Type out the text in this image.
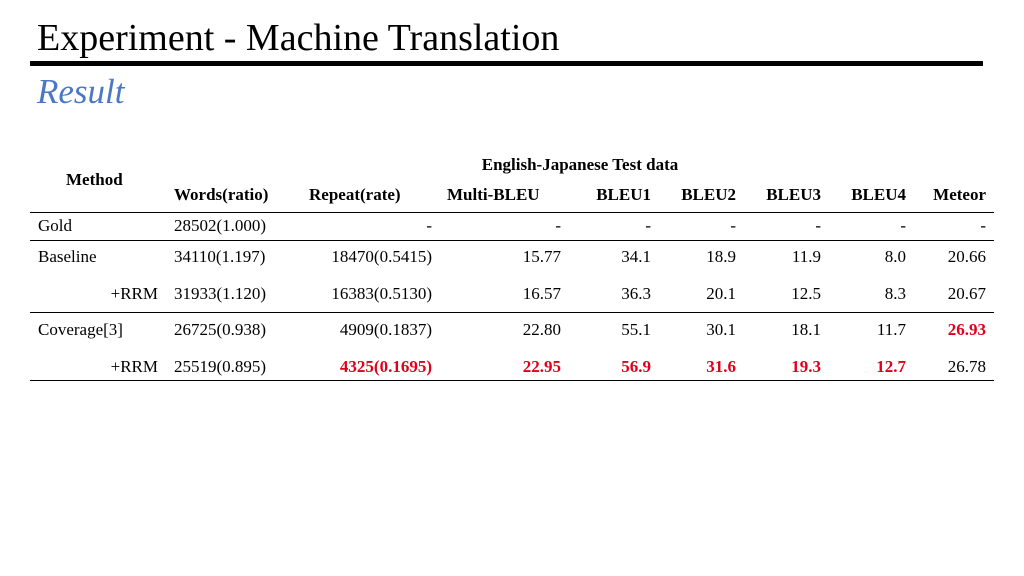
Experiment - Machine Translation
Result
Method
English-Japanese Test data
Words(ratio) Repeat(rate)	Multi-BLEU	BLEU1 BLEU2 BLEU3 BLEU4 Meteor
Gold	28502(1.000)	-	-	-	-	-	-	-
Baseline	34110(1.197)	18470(0.5415)	15.77	34.1	18.9	11.9	8.0 20.66
+RRM 31933(1.120)	16383(0.5130)	16.57	36.3	20.1	12.5	8.3 20.67
Coverage[3]	26725(0.938)	4909(0.1837)	22.80	55.1	30.1	18.1	11.7 26.93
+RRM 25519(0.895)	4325(0.1695)	22.95	56.9	31.6	19.3	12.7 26.78
